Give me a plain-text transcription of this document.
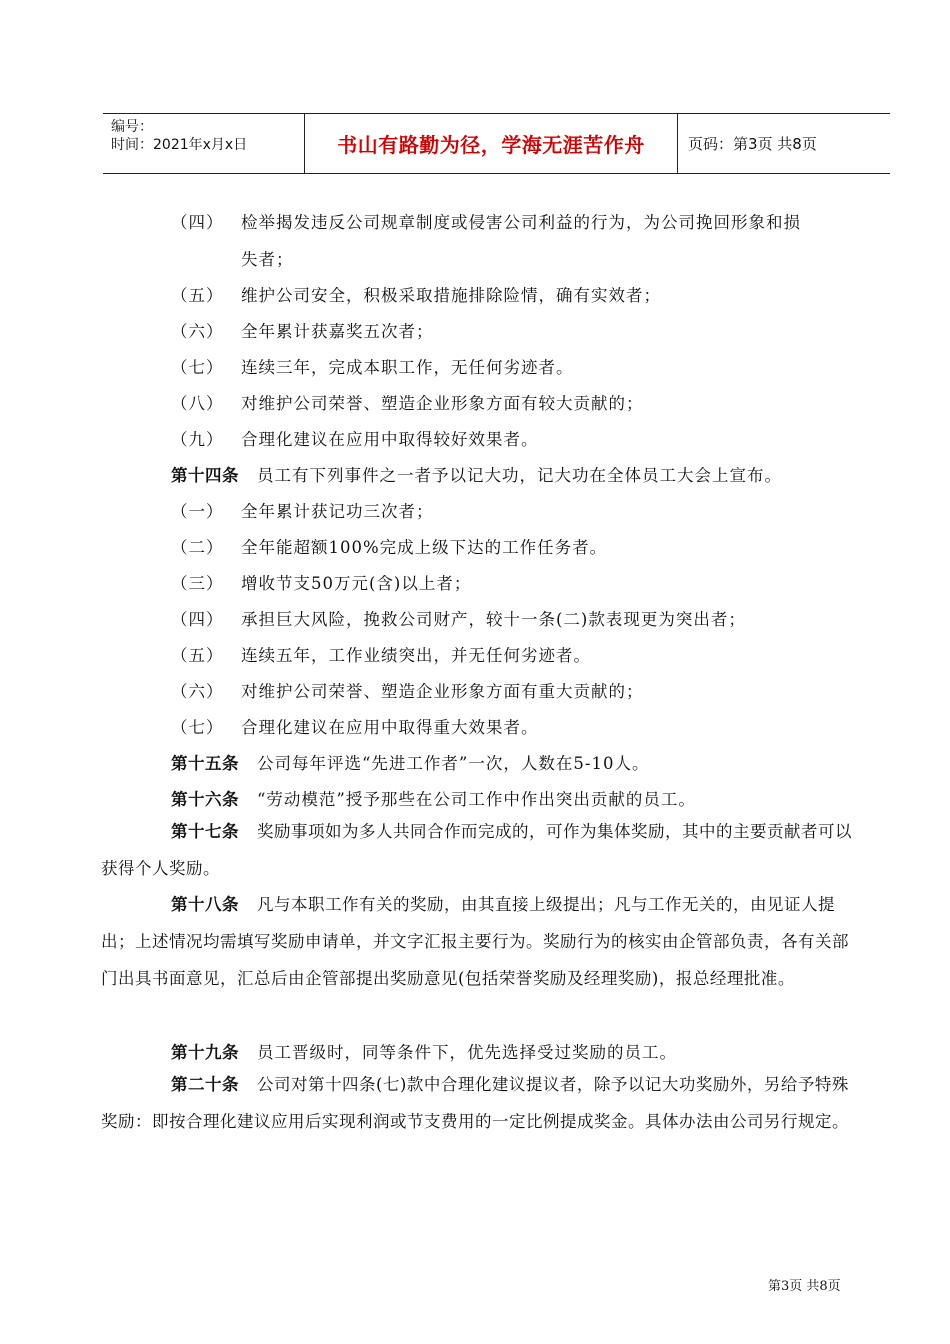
编号：
时间：2021年x月x日	书山有路勤为径，学海无涯苦作舟	页码：第3页 共8页
（四）	检举揭发违反公司规章制度或侵害公司利益的行为，为公司挽回形象和损
失者；
（五）	维护公司安全，积极采取措施排除险情，确有实效者；
（六）	全年累计获嘉奖五次者；
（七）	连续三年，完成本职工作，无任何劣迹者。
（八）	对维护公司荣誉、塑造企业形象方面有较大贡献的；
（九）	合理化建议在应用中取得较好效果者。
第十四条 员工有下列事件之一者予以记大功，记大功在全体员工大会上宣布。
（一）	全年累计获记功三次者；
（二）	全年能超额100%完成上级下达的工作任务者。
（三）	增收节支50万元(含)以上者；
（四）	承担巨大风险，挽救公司财产，较十一条(二)款表现更为突出者；
（五）	连续五年，工作业绩突出，并无任何劣迹者。
（六）	对维护公司荣誉、塑造企业形象方面有重大贡献的；
（七）	合理化建议在应用中取得重大效果者。
第十五条 公司每年评选“先进工作者”一次，人数在5-10人。
第十六条 “劳动模范”授予那些在公司工作中作出突出贡献的员工。
第十七条 奖励事项如为多人共同合作而完成的，可作为集体奖励，其中的主要贡献者可以获得个人奖励。
第十八条 凡与本职工作有关的奖励，由其直接上级提出；凡与工作无关的，由见证人提出；上述情况均需填写奖励申请单，并文字汇报主要行为。奖励行为的核实由企管部负责，各有关部门出具书面意见，汇总后由企管部提出奖励意见(包括荣誉奖励及经理奖励)，报总经理批准。
第十九条 员工晋级时，同等条件下，优先选择受过奖励的员工。
第二十条 公司对第十四条(七)款中合理化建议提议者，除予以记大功奖励外，另给予特殊奖励：即按合理化建议应用后实现利润或节支费用的一定比例提成奖金。具体办法由公司另行规定。
第3页 共8页
